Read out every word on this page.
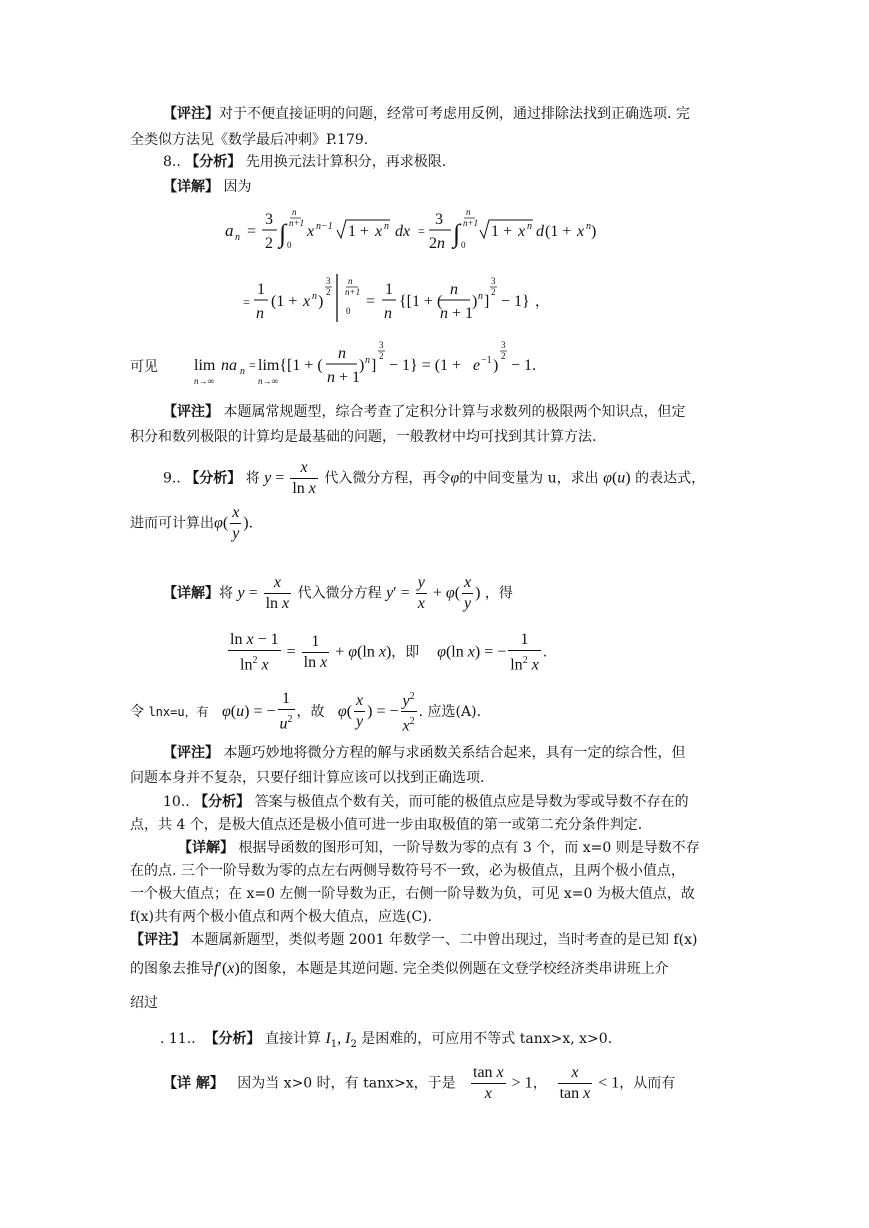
【评注】对于不便直接证明的问题，经常可考虑用反例，通过排除法找到正确选项. 完
全类似方法见《数学最后冲刺》P.179.
8.. 【分析】 先用换元法计算积分，再求极限.
【详解】 因为
a n =
3
2 ∫
n
n+1
0
x n−1 1 + x n dx =
3
2n ∫
n
n+1
0
1 + x n d (1 + x n )
=
1
n
(1 + x n )
3
2
n
n+1
0
=
1
n
{[1 + (
n
n + 1
) n ]
3
2
− 1} ，
可见 lim
n→∞
na n = lim{[1 + (
n→∞
n
n + 1
) n ]
3
2
− 1} = (1 + e −1 )
3
2
− 1.
【评注】 本题属常规题型，综合考查了定积分计算与求数列的极限两个知识点，但定
积分和数列极限的计算均是最基础的问题，一般教材中均可找到其计算方法.
9.. 【分析】 将 $y = \frac{x}{\text{ln x}}$ 代入微分方程，再令φ的中间变量为 u，求出 φ(u) 的表达式，
进而可计算出$\varphi( \frac{x}{y}$ ).
【详解】将 $y = \frac{x}{\text{ln x}}$ 代入微分方程 $y' = \frac{y}{x} + \varphi( \frac{x}{y}$ ) ，得
$\frac{\text{ln x − 1}}{\ln^2 x} = \frac{1}{\text{ln x}} + \varphi(\ln$ x)，即 φ(ln x) = − $\frac{1}{\ln^2 x}$ .
令 lnx=u，有 φ(u) = − $\frac{1}{u^2}$ ，故 $\varphi( \frac{x}{y}$ ) = − $\frac{y^2}{x^2}$ . 应选(A).
【评注】 本题巧妙地将微分方程的解与求函数关系结合起来，具有一定的综合性，但
问题本身并不复杂，只要仔细计算应该可以找到正确选项.
10.. 【分析】 答案与极值点个数有关，而可能的极值点应是导数为零或导数不存在的
点，共 4 个，是极大值点还是极小值可进一步由取极值的第一或第二充分条件判定.
【详解】 根据导函数的图形可知，一阶导数为零的点有 3 个，而 x=0 则是导数不存
在的点. 三个一阶导数为零的点左右两侧导数符号不一致，必为极值点，且两个极小值点，
一个极大值点；在 x=0 左侧一阶导数为正，右侧一阶导数为负，可见 x=0 为极大值点，故
f(x)共有两个极小值点和两个极大值点，应选(C).
【评注】 本题属新题型，类似考题 2001 年数学一、二中曾出现过，当时考查的是已知 f(x)
的图象去推导f′(x)的图象，本题是其逆问题. 完全类似例题在文登学校经济类串讲班上介
绍过
. 11.. 【分析】 直接计算 $I_1$, $I_2$ 是困难的，可应用不等式 tanx>x, x>0.
【详 解】 因为当 x>0 时，有 tanx>x，于是 $\frac{\text{tan x}}{x} > 1$， $\frac{x}{\text{tan x}} < 1$，从而有
